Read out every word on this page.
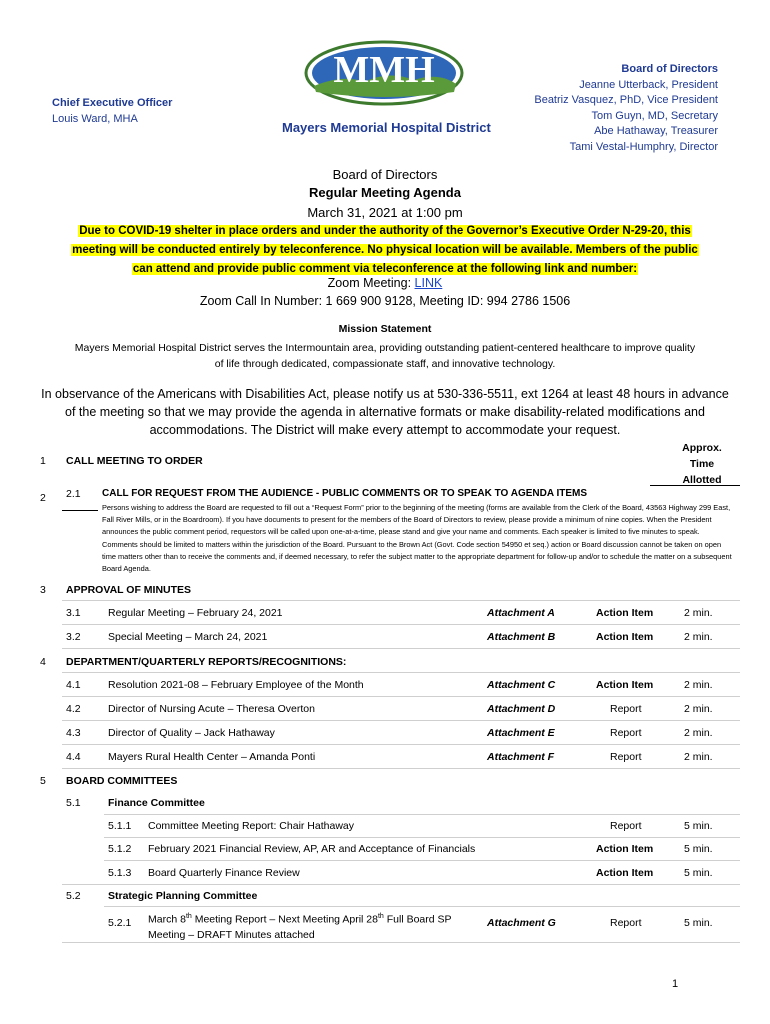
MMH
Chief Executive Officer
Louis Ward, MHA
Mayers Memorial Hospital District
Board of Directors
Jeanne Utterback, President
Beatriz Vasquez, PhD, Vice President
Tom Guyn, MD, Secretary
Abe Hathaway, Treasurer
Tami Vestal-Humphry, Director
Board of Directors
Regular Meeting Agenda
March 31, 2021 at 1:00 pm
Due to COVID-19 shelter in place orders and under the authority of the Governor’s Executive Order N-29-20, this
meeting will be conducted entirely by teleconference. No physical location will be available. Members of the public
can attend and provide public comment via teleconference at the following link and number:
Zoom Meeting: LINK
Zoom Call In Number: 1 669 900 9128, Meeting ID: 994 2786 1506
Mission Statement
Mayers Memorial Hospital District serves the Intermountain area, providing outstanding patient-centered healthcare to improve quality of life through dedicated, compassionate staff, and innovative technology.
In observance of the Americans with Disabilities Act, please notify us at 530-336-5511, ext 1264 at least 48 hours in advance of the meeting so that we may provide the agenda in alternative formats or make disability-related modifications and accommodations. The District will make every attempt to accommodate your request.
Approx.
Time
Allotted
1 CALL MEETING TO ORDER
2 2.1 CALL FOR REQUEST FROM THE AUDIENCE - PUBLIC COMMENTS OR TO SPEAK TO AGENDA ITEMS
Persons wishing to address the Board are requested to fill out a “Request Form” prior to the beginning of the meeting (forms are available from the Clerk of the Board, 43563 Highway 299 East, Fall River Mills, or in the Boardroom). If you have documents to present for the members of the Board of Directors to review, please provide a minimum of nine copies. When the President announces the public comment period, requestors will be called upon one-at-a-time, please stand and give your name and comments. Each speaker is limited to five minutes to speak. Comments should be limited to matters within the jurisdiction of the Board. Pursuant to the Brown Act (Govt. Code section 54950 et seq.) action or Board discussion cannot be taken on open time matters other than to receive the comments and, if deemed necessary, to refer the subject matter to the appropriate department for follow-up and/or to schedule the matter on a subsequent Board Agenda.
3 APPROVAL OF MINUTES
3.1	Regular Meeting – February 24, 2021	Attachment A	Action Item	2 min.
3.2	Special Meeting – March 24, 2021	Attachment B	Action Item	2 min.
4 DEPARTMENT/QUARTERLY REPORTS/RECOGNITIONS:
4.1	Resolution 2021-08 – February Employee of the Month	Attachment C	Action Item	2 min.
4.2	Director of Nursing Acute – Theresa Overton	Attachment D	Report	2 min.
4.3	Director of Quality – Jack Hathaway	Attachment E	Report	2 min.
4.4	Mayers Rural Health Center – Amanda Ponti	Attachment F	Report	2 min.
5 BOARD COMMITTEES
5.1	Finance Committee
5.1.1 Committee Meeting Report: Chair Hathaway	Report	5 min.
5.1.2 February 2021 Financial Review, AP, AR and Acceptance of Financials	Action Item	5 min.
5.1.3 Board Quarterly Finance Review	Action Item	5 min.
5.2	Strategic Planning Committee
5.2.1 March 8th Meeting Report – Next Meeting April 28th Full Board SP
Meeting – DRAFT Minutes attached
Attachment G	Report	5 min.
1
